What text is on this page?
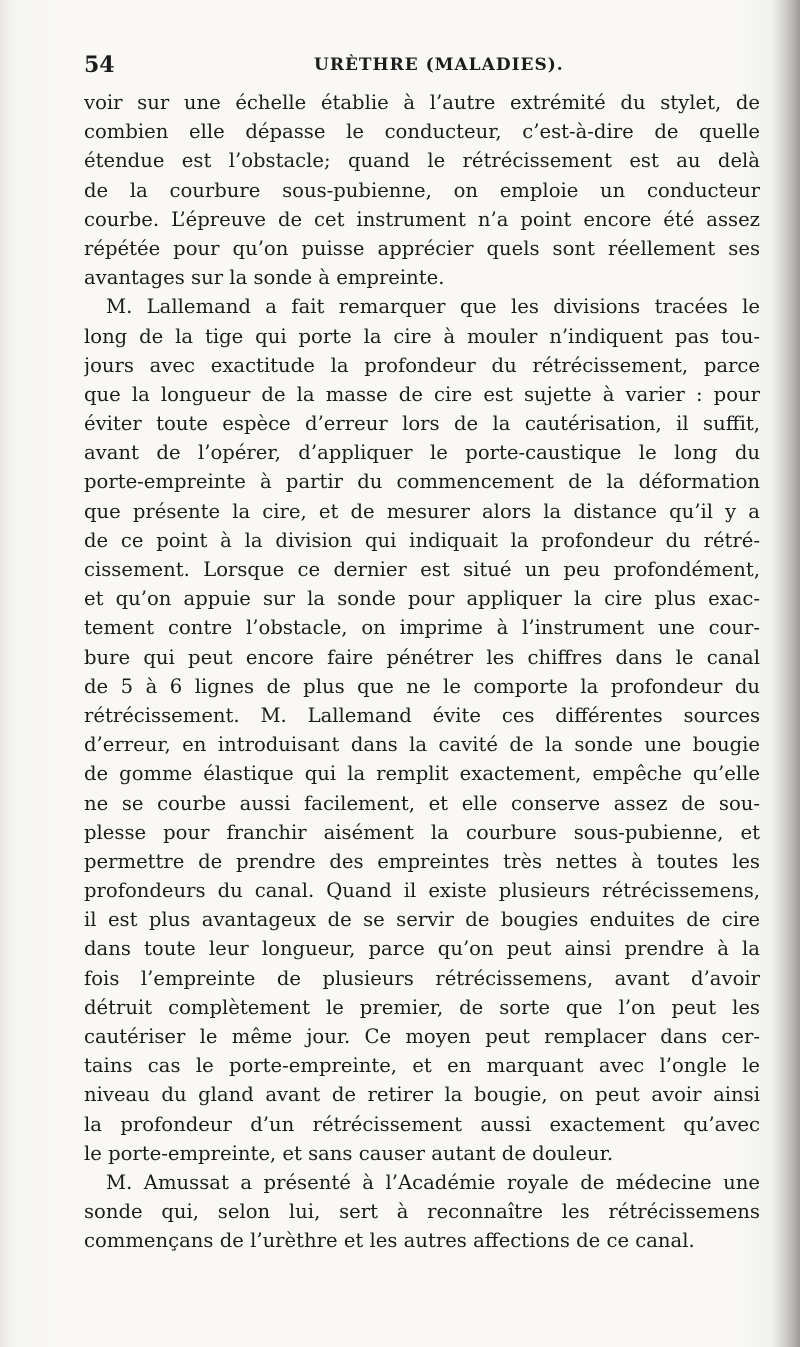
54	URÈTHRE (MALADIES).
voir sur une échelle établie à l’autre extrémité du stylet, de
combien elle dépasse le conducteur, c’est-à-dire de quelle
étendue est l’obstacle; quand le rétrécissement est au delà
de la courbure sous-pubienne, on emploie un conducteur
courbe. L’épreuve de cet instrument n’a point encore été assez
répétée pour qu’on puisse apprécier quels sont réellement ses
avantages sur la sonde à empreinte.
M. Lallemand a fait remarquer que les divisions tracées le
long de la tige qui porte la cire à mouler n’indiquent pas tou-
jours avec exactitude la profondeur du rétrécissement, parce
que la longueur de la masse de cire est sujette à varier : pour
éviter toute espèce d’erreur lors de la cautérisation, il suffit,
avant de l’opérer, d’appliquer le porte-caustique le long du
porte-empreinte à partir du commencement de la déformation
que présente la cire, et de mesurer alors la distance qu’il y a
de ce point à la division qui indiquait la profondeur du rétré-
cissement. Lorsque ce dernier est situé un peu profondément,
et qu’on appuie sur la sonde pour appliquer la cire plus exac-
tement contre l’obstacle, on imprime à l’instrument une cour-
bure qui peut encore faire pénétrer les chiffres dans le canal
de 5 à 6 lignes de plus que ne le comporte la profondeur du
rétrécissement. M. Lallemand évite ces différentes sources
d’erreur, en introduisant dans la cavité de la sonde une bougie
de gomme élastique qui la remplit exactement, empêche qu’elle
ne se courbe aussi facilement, et elle conserve assez de sou-
plesse pour franchir aisément la courbure sous-pubienne, et
permettre de prendre des empreintes très nettes à toutes les
profondeurs du canal. Quand il existe plusieurs rétrécissemens,
il est plus avantageux de se servir de bougies enduites de cire
dans toute leur longueur, parce qu’on peut ainsi prendre à la
fois l’empreinte de plusieurs rétrécissemens, avant d’avoir
détruit complètement le premier, de sorte que l’on peut les
cautériser le même jour. Ce moyen peut remplacer dans cer-
tains cas le porte-empreinte, et en marquant avec l’ongle le
niveau du gland avant de retirer la bougie, on peut avoir ainsi
la profondeur d’un rétrécissement aussi exactement qu’avec
le porte-empreinte, et sans causer autant de douleur.
M. Amussat a présenté à l’Académie royale de médecine une
sonde qui, selon lui, sert à reconnaître les rétrécissemens
commençans de l’urèthre et les autres affections de ce canal.
